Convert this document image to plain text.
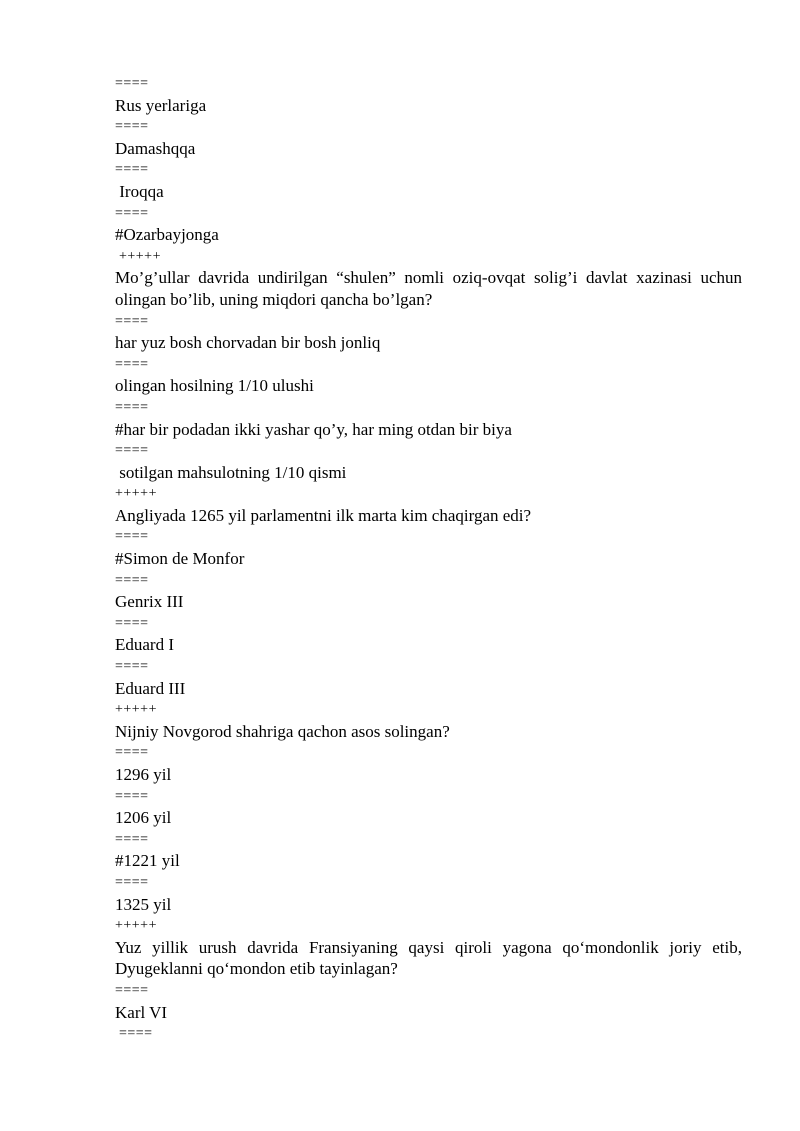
====
Rus yerlariga
====
Damashqqa
====
Iroqqa
====
#Ozarbayjonga
+++++
Mo’g’ullar davrida undirilgan “shulen” nomli oziq-ovqat solig’i davlat xazinasi uchun olingan bo’lib, uning miqdori qancha bo’lgan?
====
har yuz bosh chorvadan bir bosh jonliq
====
olingan hosilning 1/10 ulushi
====
#har bir podadan ikki yashar qo’y, har ming otdan bir biya
====
sotilgan mahsulotning 1/10 qismi
+++++
Angliyada 1265 yil parlamentni ilk marta kim chaqirgan edi?
====
#Simon de Monfor
====
Genrix III
====
Eduard I
====
Eduard III
+++++
Nijniy Novgorod shahriga qachon asos solingan?
====
1296 yil
====
1206 yil
====
#1221 yil
====
1325 yil
+++++
Yuz yillik urush davrida Fransiyaning qaysi qiroli yagona qo‘mondonlik joriy etib, Dyugeklanni qo‘mondon etib tayinlagan?
====
Karl VI
====
